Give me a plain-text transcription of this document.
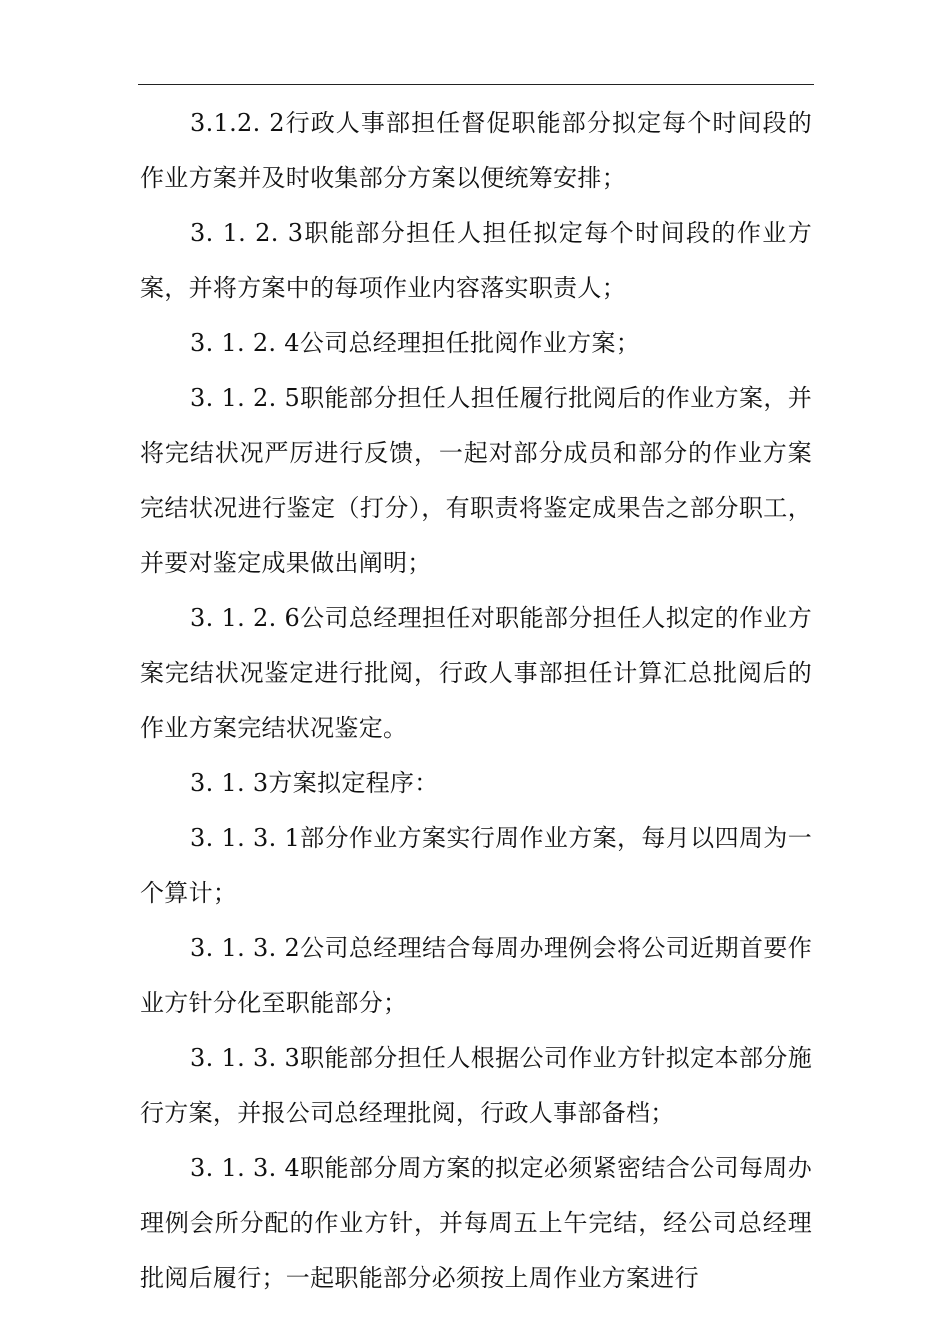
3.1.2. 2行政人事部担任督促职能部分拟定每个时间段的作业方案并及时收集部分方案以便统筹安排；

3. 1. 2. 3职能部分担任人担任拟定每个时间段的作业方案，并将方案中的每项作业内容落实职责人；

3. 1. 2. 4公司总经理担任批阅作业方案；

3. 1. 2. 5职能部分担任人担任履行批阅后的作业方案，并将完结状况严厉进行反馈，一起对部分成员和部分的作业方案完结状况进行鉴定（打分），有职责将鉴定成果告之部分职工，并要对鉴定成果做出阐明；

3. 1. 2. 6公司总经理担任对职能部分担任人拟定的作业方案完结状况鉴定进行批阅，行政人事部担任计算汇总批阅后的作业方案完结状况鉴定。

3. 1. 3方案拟定程序：

3. 1. 3. 1部分作业方案实行周作业方案，每月以四周为一个算计；

3. 1. 3. 2公司总经理结合每周办理例会将公司近期首要作业方针分化至职能部分；

3. 1. 3. 3职能部分担任人根据公司作业方针拟定本部分施行方案，并报公司总经理批阅，行政人事部备档；

3. 1. 3. 4职能部分周方案的拟定必须紧密结合公司每周办理例会所分配的作业方针，并每周五上午完结，经公司总经理批阅后履行；一起职能部分必须按上周作业方案进行
